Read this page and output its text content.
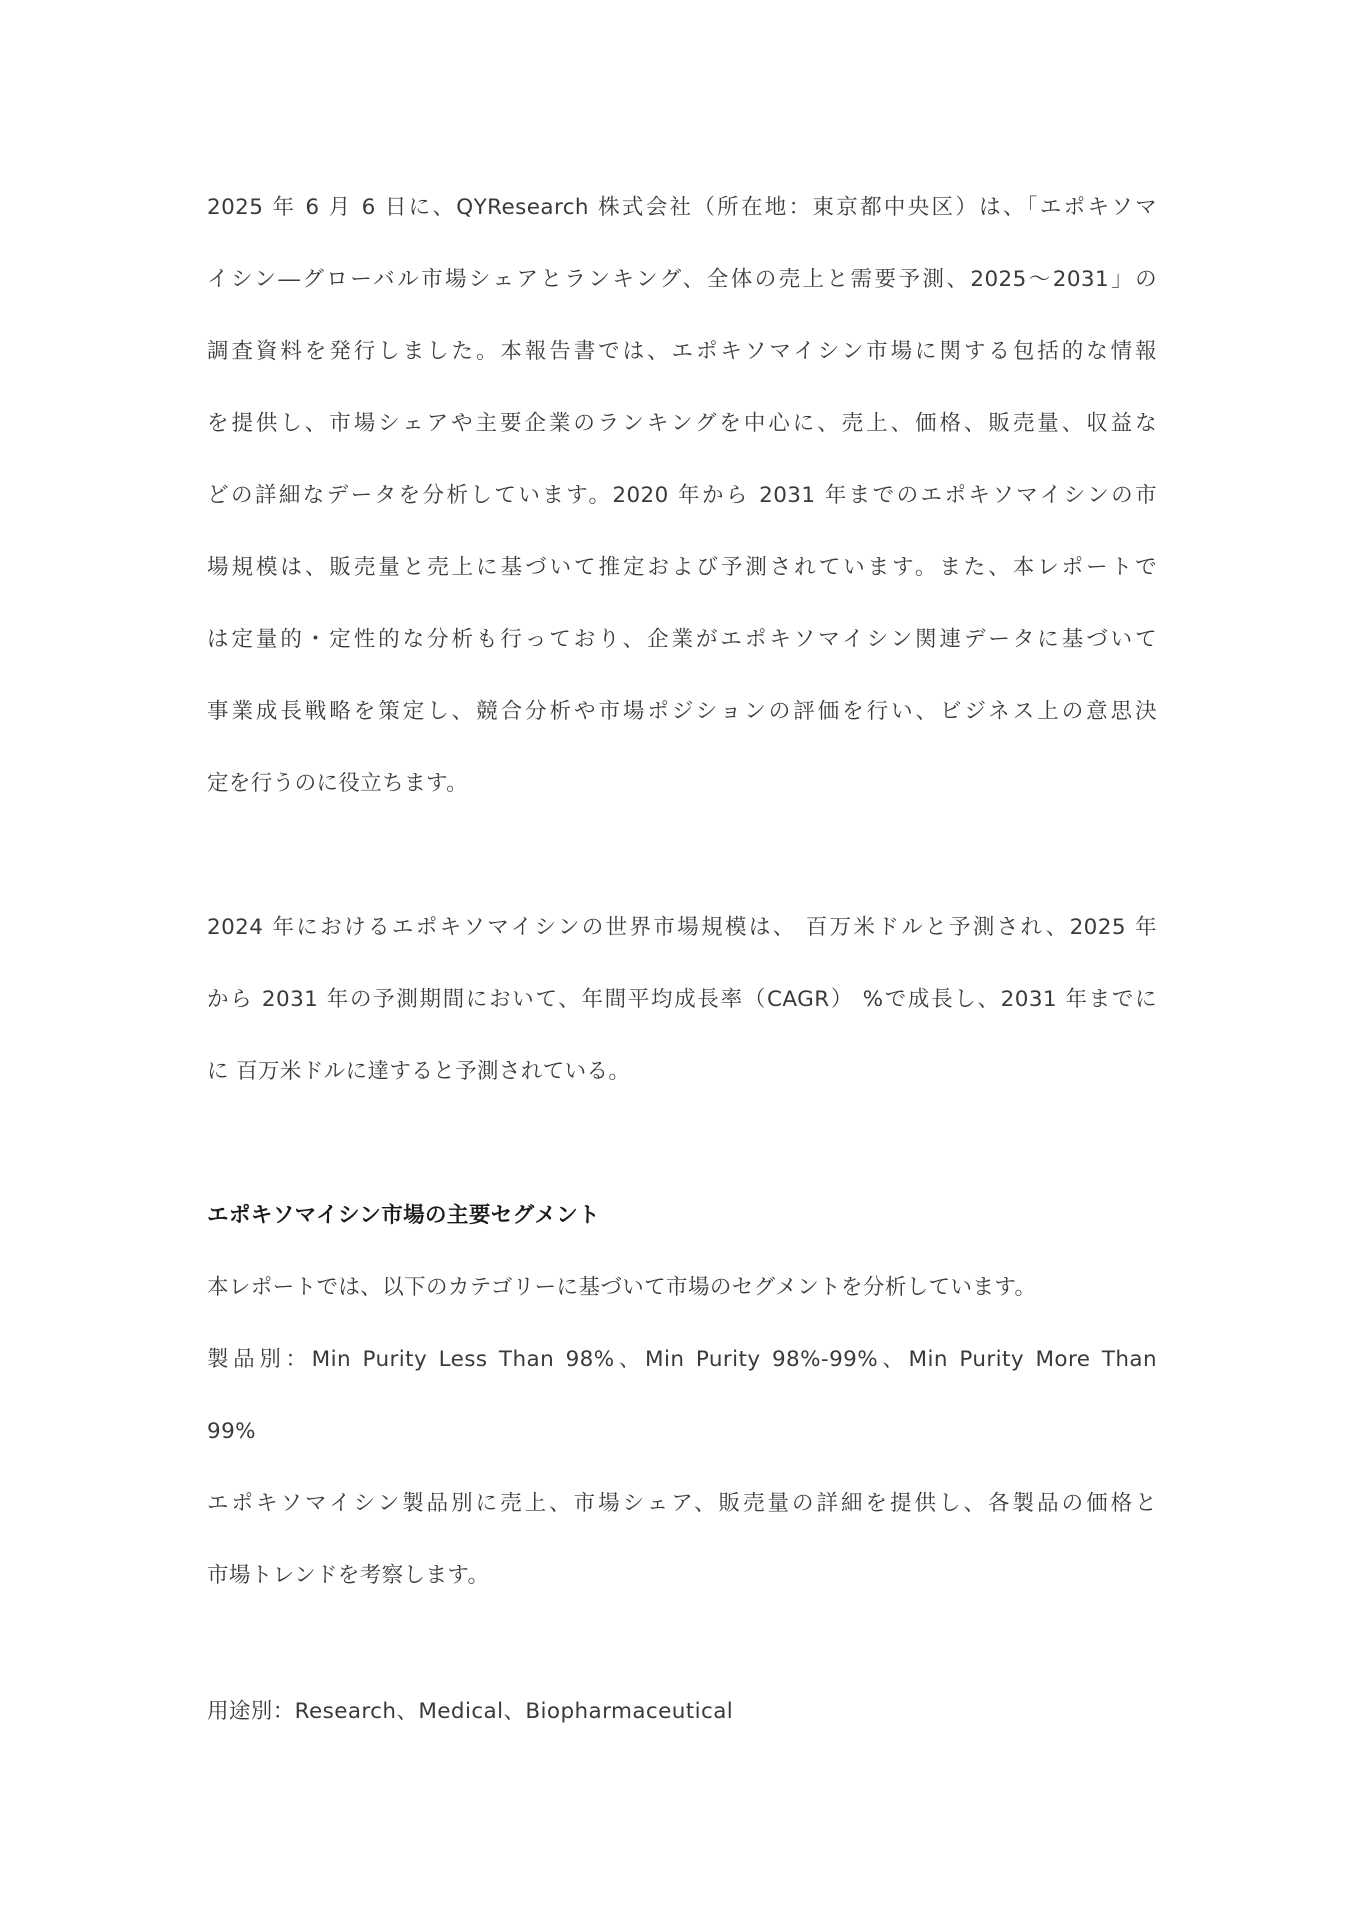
2025 年 6 月 6 日に、QYResearch 株式会社（所在地：東京都中央区）は、「エポキソマ
イシン―グローバル市場シェアとランキング、全体の売上と需要予測、2025～2031」の
調査資料を発行しました。本報告書では、エポキソマイシン市場に関する包括的な情報
を提供し、市場シェアや主要企業のランキングを中心に、売上、価格、販売量、収益な
どの詳細なデータを分析しています。2020 年から 2031 年までのエポキソマイシンの市
場規模は、販売量と売上に基づいて推定および予測されています。また、本レポートで
は定量的・定性的な分析も行っており、企業がエポキソマイシン関連データに基づいて
事業成長戦略を策定し、競合分析や市場ポジションの評価を行い、ビジネス上の意思決
定を行うのに役立ちます。
2024 年におけるエポキソマイシンの世界市場規模は、 百万米ドルと予測され、2025 年
から 2031 年の予測期間において、年間平均成長率（CAGR） %で成長し、2031 年までに
に 百万米ドルに達すると予測されている。
エポキソマイシン市場の主要セグメント
本レポートでは、以下のカテゴリーに基づいて市場のセグメントを分析しています。
製品別：Min Purity Less Than 98%、Min Purity 98%-99%、Min Purity More Than
99%
エポキソマイシン製品別に売上、市場シェア、販売量の詳細を提供し、各製品の価格と
市場トレンドを考察します。
用途別：Research、Medical、Biopharmaceutical
